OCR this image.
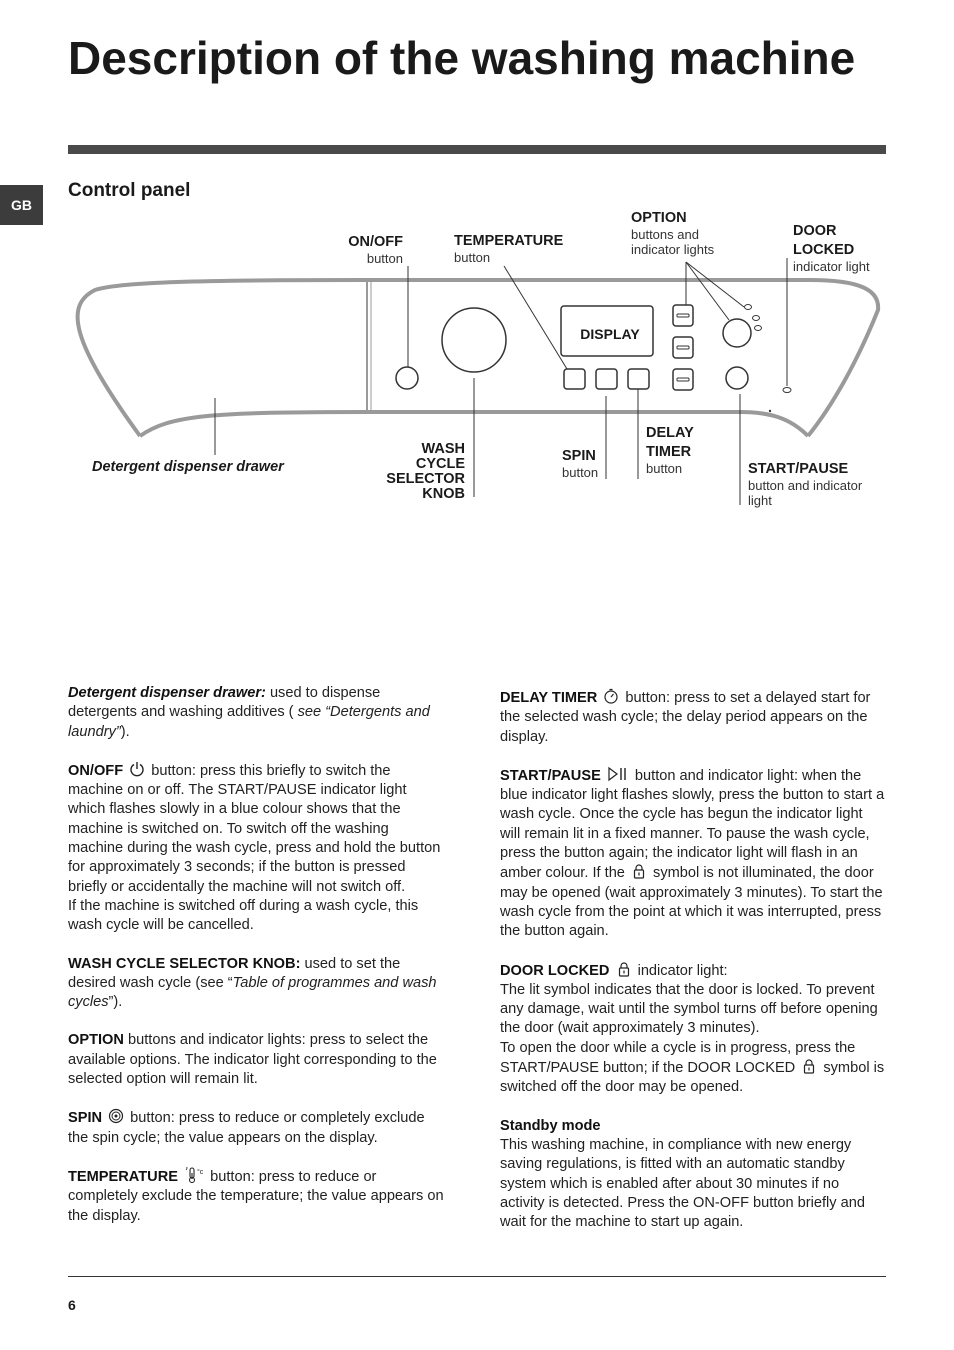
Description of the washing machine
GB
Control panel
DISPLAY
ON/OFF
button
TEMPERATURE
button
OPTION
buttons and
indicator lights
DOOR
LOCKED
indicator light
Detergent dispenser drawer
WASH
CYCLE
SELECTOR
KNOB
SPIN
button
DELAY
TIMER
button	START/PAUSE
button and indicator
light

Detergent dispenser drawer: used to dispense detergents and washing additives ( see “Detergents and laundry”).

ON/OFF  button: press this briefly to switch the machine on or off. The START/PAUSE indicator light which flashes slowly in a blue colour shows that the machine is switched on. To switch off the washing machine during the wash cycle, press and hold the button for approximately 3 seconds; if the button is pressed briefly or accidentally the machine will not switch off.
If the machine is switched off during a wash cycle, this wash cycle will be cancelled.

WASH CYCLE SELECTOR KNOB: used to set the desired wash cycle (see “Table of programmes and wash cycles”).

OPTION buttons and indicator lights: press to select the available options. The indicator light corresponding to the selected option will remain lit.

SPIN  button: press to reduce or completely exclude the spin cycle; the value appears on the display.

TEMPERATURE	°c button: press to reduce or completely exclude the temperature; the value appears on the display.

DELAY TIMER  button: press to set a delayed start for the selected wash cycle; the delay period appears on the display.

START/PAUSE  button and indicator light: when the blue indicator light flashes slowly, press the button to start a wash cycle. Once the cycle has begun the indicator light will remain lit in a fixed manner. To pause the wash cycle, press the button again; the indicator light will flash in an amber colour. If the  symbol is not illuminated, the door may be opened (wait approximately 3 minutes). To start the wash cycle from the point at which it was interrupted, press the button again.

DOOR LOCKED  indicator light:
The lit symbol indicates that the door is locked. To prevent any damage, wait until the symbol turns off before opening the door (wait approximately 3 minutes).
To open the door while a cycle is in progress, press the START/PAUSE button; if the DOOR LOCKED  symbol is switched off the door may be opened.

Standby mode
This washing machine, in compliance with new energy saving regulations, is fitted with an automatic standby system which is enabled after about 30 minutes if no activity is detected. Press the ON-OFF button briefly and wait for the machine to start up again.

6
